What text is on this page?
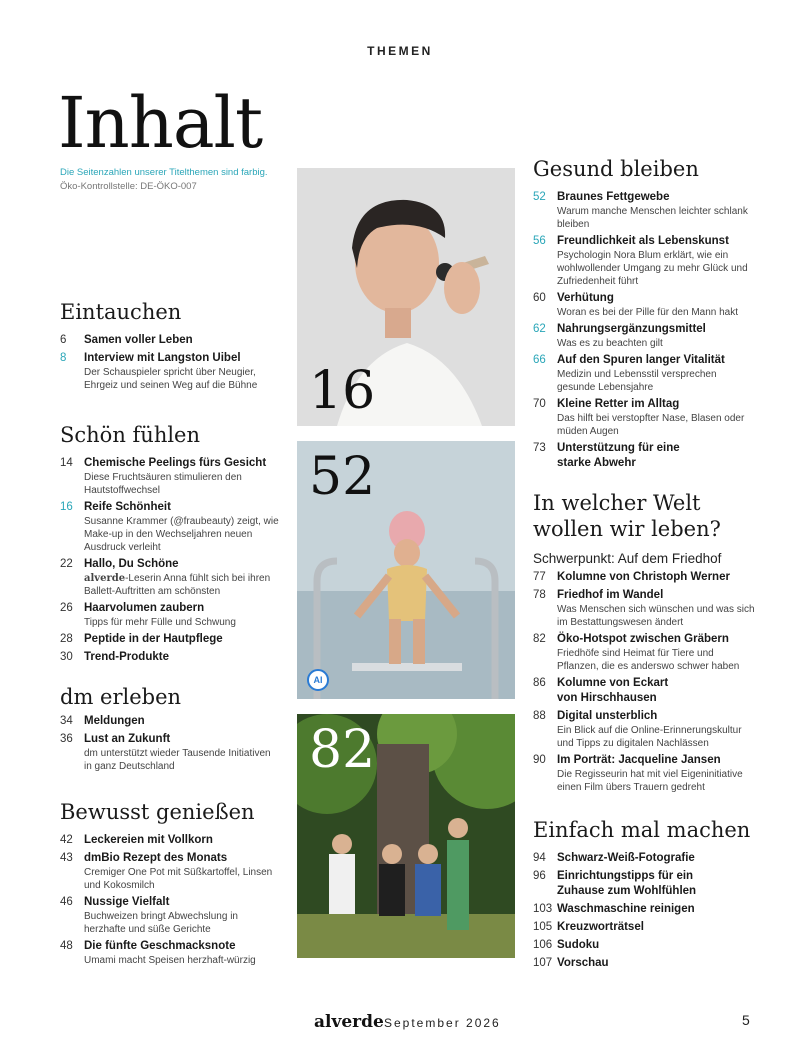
THEMEN
Inhalt
Die Seitenzahlen unserer Titelthemen sind farbig.
Öko-Kontrollstelle: DE-ÖKO-007
Eintauchen
6	Samen voller Leben
8	Interview mit Langston Uibel
Der Schauspieler spricht über Neugier, Ehrgeiz und seinen Weg auf die Bühne
Schön fühlen
14 Chemische Peelings fürs Gesicht
Diese Fruchtsäuren stimulieren den Hautstoffwechsel
16 Reife Schönheit
Susanne Krammer (@fraubeauty) zeigt, wie Make-up in den Wechseljahren neuen Ausdruck verleiht
22 Hallo, Du Schöne
alverde-Leserin Anna fühlt sich bei ihren Ballett-Auftritten am schönsten
26 Haarvolumen zaubern
Tipps für mehr Fülle und Schwung
28 Peptide in der Hautpflege
30 Trend-Produkte
dm erleben
34 Meldungen
36 Lust an Zukunft
dm unterstützt wieder Tausende Initiativen in ganz Deutschland
Bewusst genießen
42 Leckereien mit Vollkorn
43 dmBio Rezept des Monats
Cremiger One Pot mit Süßkartoffel, Linsen und Kokosmilch
46 Nussige Vielfalt
Buchweizen bringt Abwechslung in herzhafte und süße Gerichte
48 Die fünfte Geschmacksnote
Umami macht Speisen herzhaft-würzig
16
52
AI
82
Gesund bleiben
52 Braunes Fettgewebe
Warum manche Menschen leichter schlank bleiben
56 Freundlichkeit als Lebenskunst
Psychologin Nora Blum erklärt, wie ein wohlwollender Umgang zu mehr Glück und Zufriedenheit führt
60 Verhütung
Woran es bei der Pille für den Mann hakt
62 Nahrungsergänzungsmittel
Was es zu beachten gilt
66 Auf den Spuren langer Vitalität
Medizin und Lebensstil versprechen gesunde Lebensjahre
70 Kleine Retter im Alltag
Das hilft bei verstopfter Nase, Blasen oder müden Augen
73 Unterstützung für eine starke Abwehr
In welcher Welt
wollen wir leben?
Schwerpunkt: Auf dem Friedhof
77 Kolumne von Christoph Werner
78 Friedhof im Wandel
Was Menschen sich wünschen und was sich im Bestattungswesen ändert
82 Öko-Hotspot zwischen Gräbern
Friedhöfe sind Heimat für Tiere und Pflanzen, die es anderswo schwer haben
86 Kolumne von Eckart von Hirschhausen
88 Digital unsterblich
Ein Blick auf die Online-Erinnerungskultur und Tipps zu digitalen Nachlässen
90 Im Porträt: Jacqueline Jansen
Die Regisseurin hat mit viel Eigeninitiative einen Film übers Trauern gedreht
Einfach mal machen
94 Schwarz-Weiß-Fotografie
96 Einrichtungstipps für ein Zuhause zum Wohlfühlen
103 Waschmaschine reinigen
105 Kreuzworträtsel
106 Sudoku
107 Vorschau
alverde September 2026	5
